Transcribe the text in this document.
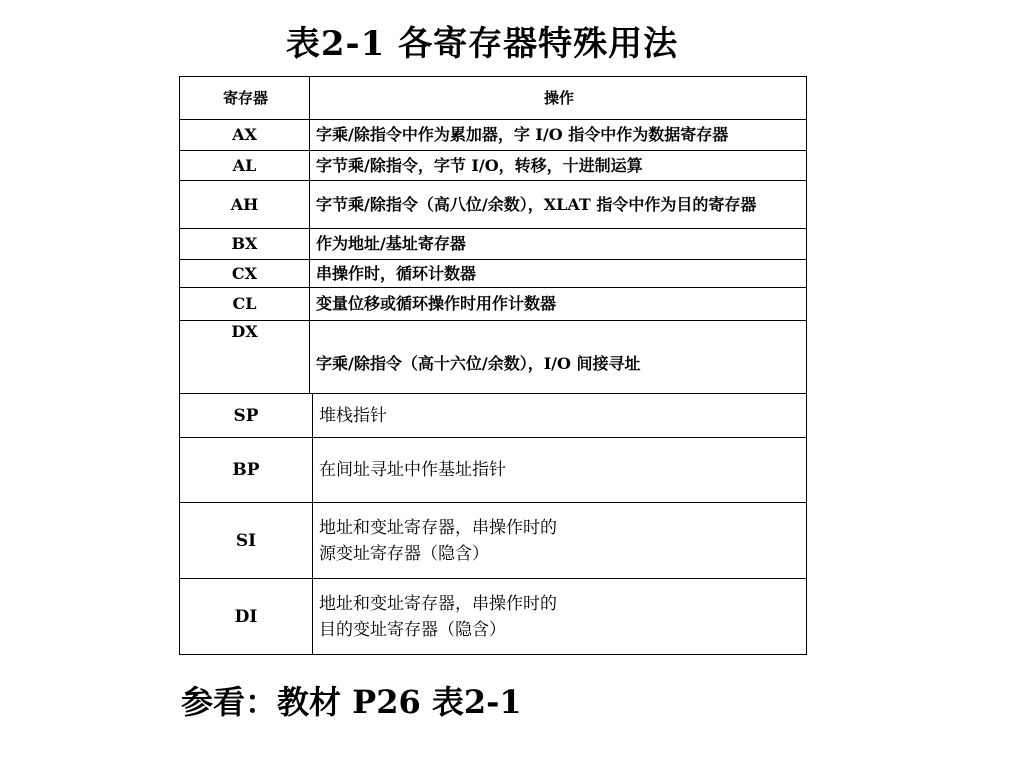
表2-1 各寄存器特殊用法
寄存器	操作
AX	字乘/除指令中作为累加器，字 I/O 指令中作为数据寄存器
AL	字节乘/除指令，字节 I/O，转移，十进制运算
AH	字节乘/除指令（高八位/余数），XLAT 指令中作为目的寄存器
BX	作为地址/基址寄存器
CX	串操作时，循环计数器
CL	变量位移或循环操作时用作计数器
DX	字乘/除指令（高十六位/余数），I/O 间接寻址
SP	堆栈指针

BP	在间址寻址中作基址指针

SI	地址和变址寄存器，串操作时的
源变址寄存器（隐含）

DI	地址和变址寄存器，串操作时的
目的变址寄存器（隐含）
参看：教材 P26 表2-1
